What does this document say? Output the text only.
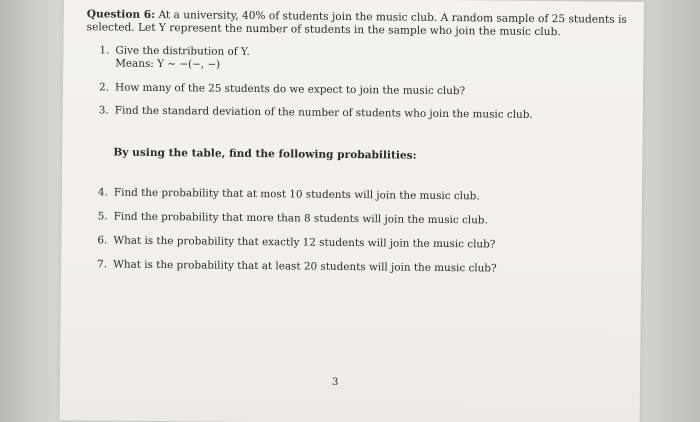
Question 6: At a university, 40% of students join the music club. A random sample of 25 students is selected. Let Y represent the number of students in the sample who join the music club.
1. Give the distribution of Y.
Means: Y ∼ −(−, −)
2. How many of the 25 students do we expect to join the music club?
3. Find the standard deviation of the number of students who join the music club.
By using the table, find the following probabilities:
4. Find the probability that at most 10 students will join the music club.
5. Find the probability that more than 8 students will join the music club.
6. What is the probability that exactly 12 students will join the music club?
7. What is the probability that at least 20 students will join the music club?
3
